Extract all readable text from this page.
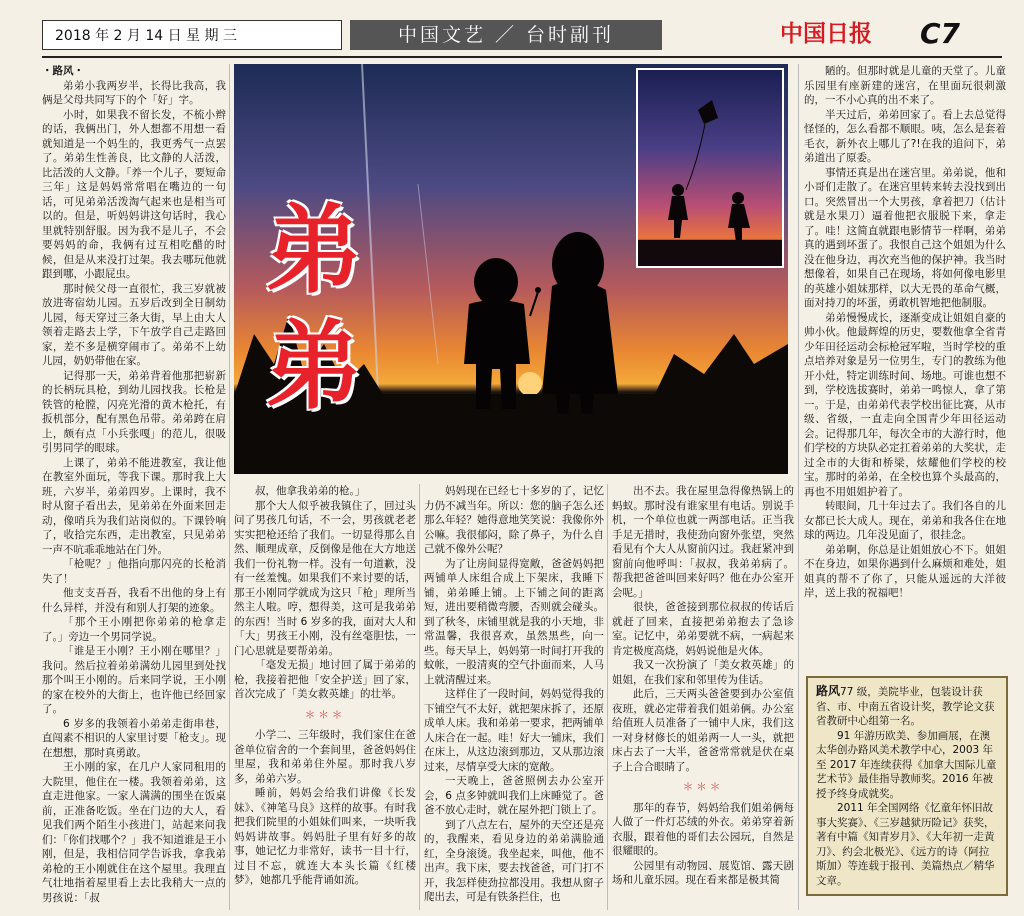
2018 年 2 月 14 日 星 期 三	中国文艺 ／ 台时副刊	中国日报	C7

・路风・

弟弟小我两岁半，长得比我高，我俩是父母共同写下的个「好」字。

小时，如果我不留长发，不梳小辫的话，我俩出门，外人想都不用想一看就知道是一个妈生的，我更秀气一点罢了。弟弟生性善良，比文静的人活泼，比活泼的人文静。「养一个儿子，要短命三年」这是妈妈常常唱在嘴边的一句话，可见弟弟活泼淘气起来也是相当可以的。但是，听妈妈讲这句话时，我心里就特别舒服。因为我不是儿子，不会要妈妈的命，我俩有过互相吃醋的时候，但是从来没打过架。我去哪玩他就跟到哪，小跟屁虫。

那时候父母一直很忙，我三岁就被放进寄宿幼儿园。五岁后改到全日制幼儿园，每天穿过三条大街，早上由大人领着走路去上学，下午放学自己走路回家，差不多是横穿闹市了。弟弟不上幼儿园，奶奶带他在家。

记得那一天，弟弟背着他那把崭新的长柄玩具枪，到幼儿园找我。长枪是铁管的枪膛，闪亮光滑的黄木枪托，有扳机部分，配有黑色吊带。弟弟跨在肩上，颇有点「小兵张嘎」的范儿，很吸引男同学的眼球。

上课了，弟弟不能进教室，我让他在教室外面玩，等我下课。那时我上大班，六岁半，弟弟四岁。上课时，我不时从窗子看出去，见弟弟在外面来回走动，像哨兵为我们站岗似的。下课铃响了，收拾完东西，走出教室，只见弟弟一声不吭乖乖地站在门外。

「枪呢？」他指向那闪亮的长枪消失了！

他支支吾吾，我看不出他的身上有什么异样，并没有和别人打架的迹象。

「那个王小刚把你弟弟的枪拿走了。」旁边一个男同学说。

「谁是王小刚？王小刚在哪里？」我问。然后拉着弟弟满幼儿园里到处找那个叫王小刚的。后来同学说，王小刚的家在校外的大街上，也许他已经回家了。

6 岁多的我领着小弟弟走街串巷，直闯素不相识的人家里讨要「枪支」。现在想想，那时真勇敢。

王小刚的家，在几户人家同租用的大院里，他住在一楼。我领着弟弟，这直走进他家。一家人满满的围坐在饭桌前，正准备吃饭。坐在门边的大人，看见我们两个陌生小孩进门，站起来问我们：「你们找哪个？」我不知道谁是王小刚，但是，我相信同学告诉我，拿我弟弟枪的王小刚就住在这个屋里。我理直气壮地指着屋里看上去比我稍大一点的男孩说：「叔

弟弟

叔，他拿我弟弟的枪。」

那个大人似乎被我镇住了，回过头问了男孩几句话，不一会，男孩就老老实实把枪还给了我们。一切显得那么自然、顺理成章，反倒像是他在大方地送我们一份礼物一样。没有一句道歉，没有一丝羞愧。如果我们不来讨要的话，那王小刚同学就成为这只「枪」理所当然主人啦。哼，想得美，这可是我弟弟的东西！当时 6 岁多的我，面对大人和「大」男孩王小刚，没有丝毫胆怯，一门心思就是要帮弟弟。

「毫发无损」地讨回了属于弟弟的枪，我接着把他「安全护送」回了家，首次完成了「美女救英雄」的壮举。

＊＊＊

小学二、三年级时，我们家住在爸爸单位宿舍的一个套间里，爸爸妈妈住里屋，我和弟弟住外屋。那时我八岁多，弟弟六岁。

睡前，妈妈会给我们讲像《长发妹》、《神笔马良》这样的故事。有时我把我们院里的小姐妹们叫来，一块听我妈妈讲故事。妈妈肚子里有好多的故事，她记忆力非常好，读书一目十行，过目不忘，就连大本头长篇《红楼梦》，她都几乎能背诵如流。

妈妈现在已经七十多岁的了，记忆力仍不减当年。所以：您的脑子怎么还那么年轻？她得意地笑笑说：我像你外公嘛。我很郁闷，除了鼻子，为什么自己就不像外公呢？

为了让房间显得宽敞，爸爸妈妈把两铺单人床组合成上下架床，我睡下铺，弟弟睡上铺。上下铺之间的距离短，进出要稍微弯腰，否则就会碰头。到了秋冬，床铺里就是我的小天地，非常温馨，我很喜欢，虽然黑些，向一些。每天早上，妈妈第一时间打开我的蚊帐，一股清爽的空气扑面而来，人马上就清醒过来。

这样住了一段时间，妈妈觉得我的下铺空气不太好，就把架床拆了，还原成单人床。我和弟弟一要求，把两铺单人床合在一起。哇！好大一铺床，我们在床上，从这边滚到那边，又从那边滚过来，尽情享受大床的宽敞。

一天晚上，爸爸照例去办公室开会，6 点多钟就叫我们上床睡觉了。爸爸不放心走时，就在屋外把门锁上了。

到了八点左右，屋外的天空还是亮的，我醒来，看见身边的弟弟满脸通红，全身滚烫。我坐起来，叫他，他不出声。我下床，要去找爸爸，可门打不开，我怎样使劲拉都没用。我想从窗子爬出去，可是有铁条拦住，也

出不去。我在屋里急得像热锅上的蚂蚁。那时没有谁家里有电话。别说手机，一个单位也就一两部电话。正当我手足无措时，我使劲向窗外张望，突然看见有个大人从窗前闪过。我赶紧冲到窗前向他呼叫：「叔叔，我弟弟病了。帮我把爸爸叫回来好吗？他在办公室开会呢。」

很快，爸爸接到那位叔叔的传话后就赶了回来，直接把弟弟抱去了急诊室。记忆中，弟弟要就不病，一病起来肯定极度高烧，妈妈说他是火体。

我又一次扮演了「美女救英雄」的姐姐，在我们家和邻里传为佳话。

此后，三天两头爸爸要到办公室值夜班，就必定带着我们姐弟俩。办公室给值班人员准备了一铺中人床，我们这一对身材修长的姐弟两一人一头，就把床占去了一大半，爸爸常常就是伏在桌子上合合眼睛了。

＊＊＊

那年的春节，妈妈给我们姐弟俩每人做了一件灯芯绒的外衣。弟弟穿着新衣服，跟着他的哥们去公园玩，自然是很耀眼的。

公园里有动物园、展览馆、露天剧场和儿童乐园。现在看来都是极其简

陋的。但那时就是儿童的天堂了。儿童乐园里有座新建的迷宫，在里面玩很刺激的，一不小心真的出不来了。

半天过后，弟弟回家了。看上去总觉得怪怪的，怎么看都不顺眼。咦，怎么是套着毛衣，新外衣上哪儿了?!在我的追问下，弟弟道出了原委。

事情还真是出在迷宫里。弟弟说，他和小哥们走散了。在迷宫里转来转去没找到出口。突然冒出一个大男孩，拿着把刀（估计就是水果刀）逼着他把衣服脱下来，拿走了。哇！这简直就跟电影情节一样啊，弟弟真的遇到坏蛋了。我恨自己这个姐姐为什么没在他身边，再次充当他的保护神。我当时想像着，如果自己在现场，将如何像电影里的英雄小姐妹那样，以大无畏的革命气概，面对持刀的坏蛋，勇敢机智地把他制服。

弟弟慢慢成长，逐渐变成让姐姐自豪的帅小伙。他最辉煌的历史，要数他拿全省青少年田径运动会标枪冠军啦，当时学校的重点培养对象是另一位男生，专门的教练为他开小灶，特定训练时间、场地。可谁也想不到，学校选拔赛时，弟弟一鸣惊人，拿了第一。于是，由弟弟代表学校出征比赛，从市级、省级，一直走向全国青少年田径运动会。记得那几年，每次全市的大游行时，他们学校的方块队必定扛着弟弟的大奖状，走过全市的大街和桥梁，炫耀他们学校的校宝。那时的弟弟，在全校也算个头最高的，再也不用姐姐护着了。

转眼间，几十年过去了。我们各自的儿女都已长大成人。现在，弟弟和我各住在地球的两边。几年没见面了，很挂念。

弟弟啊，你总是让姐姐放心不下。姐姐不在身边，如果你遇到什么麻烦和难处，姐姐真的帮不了你了，只能从遥远的大洋彼岸，送上我的祝福吧！

路风77 级，美院毕业，包装设计获省、市、中南五省设计奖，教学论文获省教研中心组第一名。

91 年游历欧美、参加画展，在澳太华创办路风美术教学中心，2003 年至 2017 年连续获得《加拿大国际儿童艺术节》最佳指导教师奖。2016 年被授予终身成就奖。

2011 年全国网络《忆童年怀旧故事大奖赛》、《三岁越狱历险记》获奖，著有中篇《知青岁月》、《大年初一走黄刀》、约会北极光》、《远方的诗（阿拉斯加）等连载于报刊、美篇热点／精华文章。
